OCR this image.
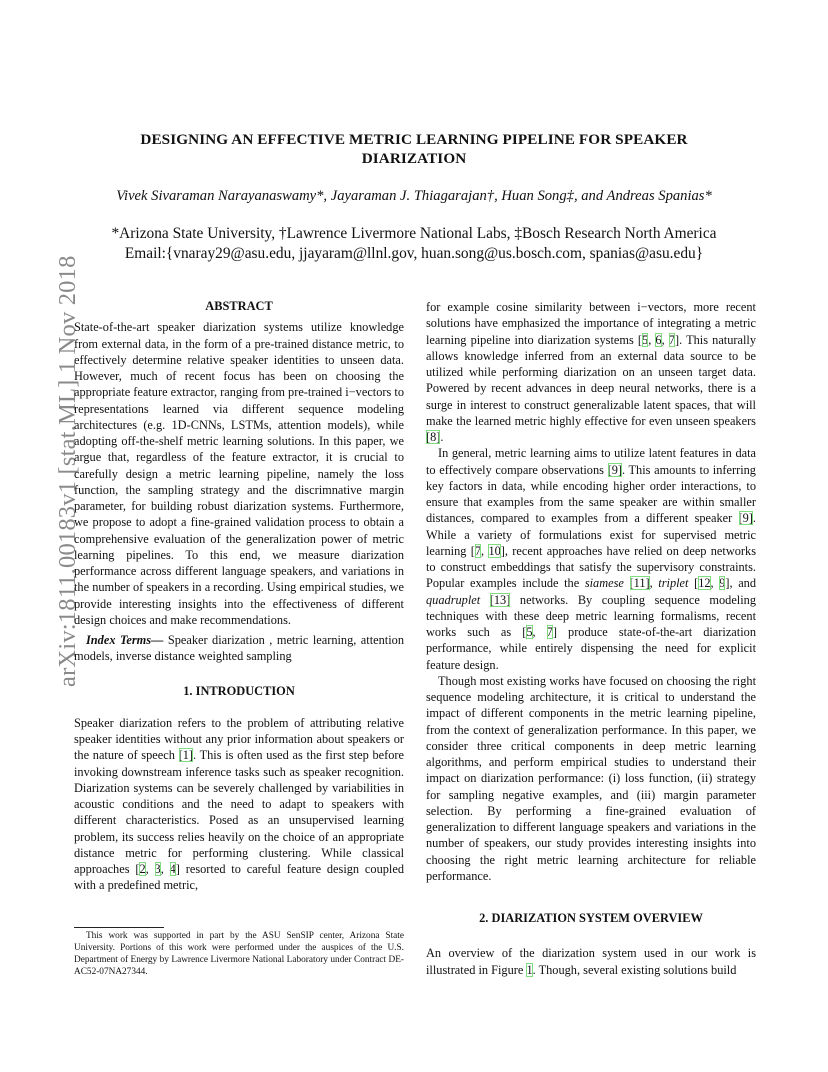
DESIGNING AN EFFECTIVE METRIC LEARNING PIPELINE FOR SPEAKER
DIARIZATION
Vivek Sivaraman Narayanaswamy*, Jayaraman J. Thiagarajan†, Huan Song‡, and Andreas Spanias*
*Arizona State University, †Lawrence Livermore National Labs, ‡Bosch Research North America
Email:{vnaray29@asu.edu, jjayaram@llnl.gov, huan.song@us.bosch.com, spanias@asu.edu}
arXiv:1811.00183v1 [stat.ML] 1 Nov 2018	ABSTRACT

State-of-the-art speaker diarization systems utilize knowledge from external data, in the form of a pre-trained distance metric, to effectively determine relative speaker identities to unseen data. However, much of recent focus has been on choosing the appropriate feature extractor, ranging from pre-trained i−vectors to representations learned via different sequence modeling architectures (e.g. 1D-CNNs, LSTMs, attention models), while adopting off-the-shelf metric learning solutions. In this paper, we argue that, regardless of the feature extractor, it is crucial to carefully design a metric learning pipeline, namely the loss function, the sampling strategy and the discrimnative margin parameter, for building robust diarization systems. Furthermore, we propose to adopt a fine-grained validation process to obtain a comprehensive evaluation of the generalization power of metric learning pipelines. To this end, we measure diarization performance across different language speakers, and variations in the number of speakers in a recording. Using empirical studies, we provide interesting insights into the effectiveness of different design choices and make recommendations.

Index Terms— Speaker diarization , metric learning, attention models, inverse distance weighted sampling

1. INTRODUCTION

Speaker diarization refers to the problem of attributing relative speaker identities without any prior information about speakers or the nature of speech [1]. This is often used as the first step before invoking downstream inference tasks such as speaker recognition. Diarization systems can be severely challenged by variabilities in acoustic conditions and the need to adapt to speakers with different characteristics. Posed as an unsupervised learning problem, its success relies heavily on the choice of an appropriate distance metric for performing clustering. While classical approaches [2, 3, 4] resorted to careful feature design coupled with a predefined metric,

This work was supported in part by the ASU SenSIP center, Arizona State University. Portions of this work were performed under the auspices of the U.S. Department of Energy by Lawrence Livermore National Laboratory under Contract DE- AC52-07NA27344.

for example cosine similarity between i−vectors, more recent solutions have emphasized the importance of integrating a metric learning pipeline into diarization systems [5, 6, 7]. This naturally allows knowledge inferred from an external data source to be utilized while performing diarization on an unseen target data. Powered by recent advances in deep neural networks, there is a surge in interest to construct generalizable latent spaces, that will make the learned metric highly effective for even unseen speakers [8].

In general, metric learning aims to utilize latent features in data to effectively compare observations [9]. This amounts to inferring key factors in data, while encoding higher order interactions, to ensure that examples from the same speaker are within smaller distances, compared to examples from a different speaker [9]. While a variety of formulations exist for supervised metric learning [7, 10], recent approaches have relied on deep networks to construct embeddings that satisfy the supervisory constraints. Popular examples include the siamese [11], triplet [12, 9], and quadruplet [13] networks. By coupling sequence modeling techniques with these deep metric learning formalisms, recent works such as [5, 7] produce state-of-the-art diarization performance, while entirely dispensing the need for explicit feature design.

Though most existing works have focused on choosing the right sequence modeling architecture, it is critical to understand the impact of different components in the metric learning pipeline, from the context of generalization performance. In this paper, we consider three critical components in deep metric learning algorithms, and perform empirical studies to understand their impact on diarization performance: (i) loss function, (ii) strategy for sampling negative examples, and (iii) margin parameter selection. By performing a fine-grained evaluation of generalization to different language speakers and variations in the number of speakers, our study provides interesting insights into choosing the right metric learning architecture for reliable performance.

2. DIARIZATION SYSTEM OVERVIEW

An overview of the diarization system used in our work is illustrated in Figure 1. Though, several existing solutions build
